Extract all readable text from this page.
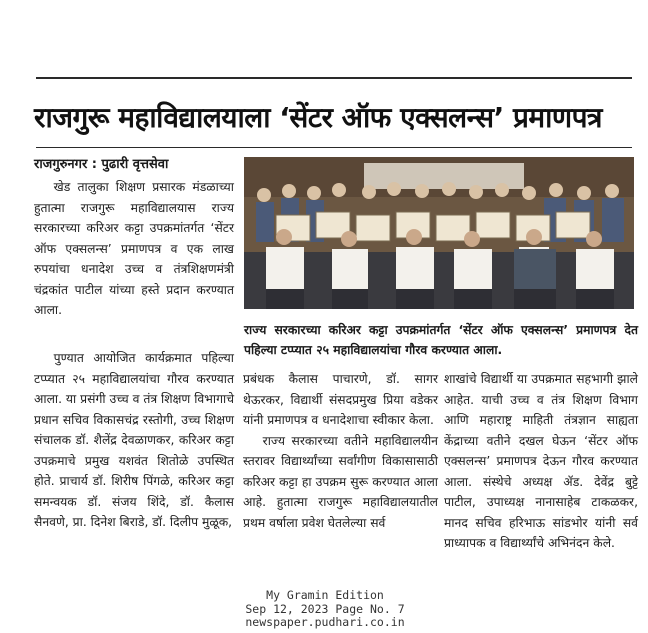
राजगुरू महाविद्यालयाला ‘सेंटर ऑफ एक्सलन्स’ प्रमाणपत्र
राजगुरुनगर : पुढारी वृत्तसेवा

खेड तालुका शिक्षण प्रसारक मंडळाच्या हुतात्मा राजगुरू महाविद्यालयास राज्य सरकारच्या करिअर कट्टा उपक्रमांतर्गत ‘सेंटर ऑफ एक्सलन्स’ प्रमाणपत्र व एक लाख रुपयांचा धनादेश उच्च व तंत्रशिक्षणमंत्री चंद्रकांत पाटील यांच्या हस्ते प्रदान करण्यात आला.

पुण्यात आयोजित कार्यक्रमात पहिल्या टप्प्यात २५ महाविद्यालयांचा गौरव करण्यात आला. या प्रसंगी उच्च व तंत्र शिक्षण विभागाचे प्रधान सचिव विकासचंद्र रस्तोगी, उच्च शिक्षण संचालक डॉ. शैलेंद्र देवळाणकर, करिअर कट्टा उपक्रमाचे प्रमुख यशवंत शितोळे उपस्थित होते. प्राचार्य डॉ. शिरीष पिंगळे, करिअर कट्टा समन्वयक डॉ. संजय शिंदे, डॉ. कैलास सैनवणे, प्रा. दिनेश बिराडे, डॉ. दिलीप मुळूक,

राज्य सरकारच्या करिअर कट्टा उपक्रमांतर्गत ‘सेंटर ऑफ एक्सलन्स’ प्रमाणपत्र देत पहिल्या टप्प्यात २५ महाविद्यालयांचा गौरव करण्यात आला.

प्रबंधक कैलास पाचारणे, डॉ. सागर थेऊरकर, विद्यार्थी संसदप्रमुख प्रिया वडेकर यांनी प्रमाणपत्र व धनादेशाचा स्वीकार केला.

राज्य सरकारच्या वतीने महाविद्यालयीन स्तरावर विद्यार्थ्यांच्या सर्वांगीण विकासासाठी करिअर कट्टा हा उपक्रम सुरू करण्यात आला आहे. हुतात्मा राजगुरू महाविद्यालयातील प्रथम वर्षाला प्रवेश घेतलेल्या सर्व

शाखांचे विद्यार्थी या उपक्रमात सहभागी झाले आहेत. याची उच्च व तंत्र शिक्षण विभाग आणि महाराष्ट्र माहिती तंत्रज्ञान साह्यता केंद्राच्या वतीने दखल घेऊन ‘सेंटर ऑफ एक्सलन्स’ प्रमाणपत्र देऊन गौरव करण्यात आला. संस्थेचे अध्यक्ष ॲड. देवेंद्र बुट्टे पाटील, उपाध्यक्ष नानासाहेब टाकळकर, मानद सचिव हरिभाऊ सांडभोर यांनी सर्व प्राध्यापक व विद्यार्थ्यांचे अभिनंदन केले.

My Gramin Edition
Sep 12, 2023 Page No. 7
newspaper.pudhari.co.in
